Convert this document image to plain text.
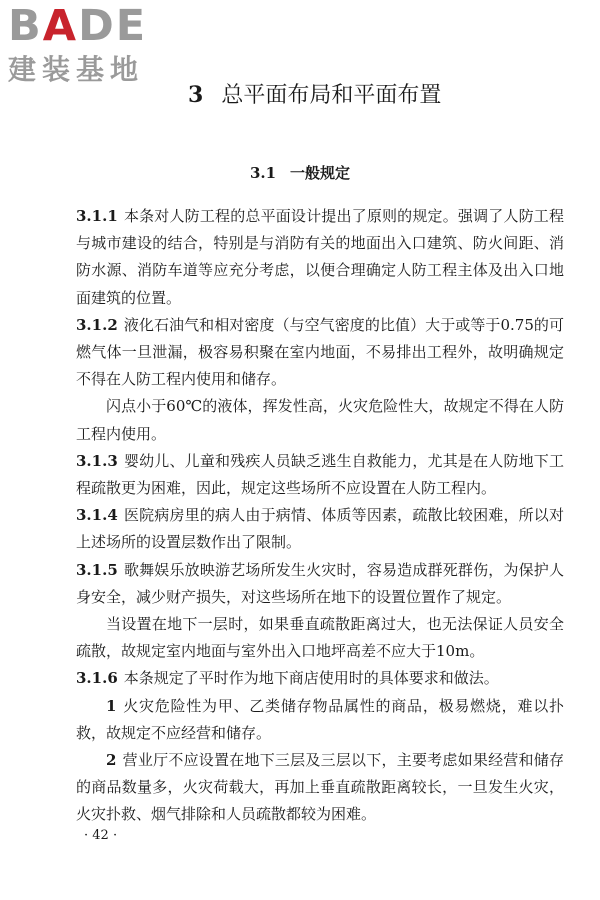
BADE
建装基地
3 总平面布局和平面布置
3.1 一般规定

3.1.1 本条对人防工程的总平面设计提出了原则的规定。强调了人防工程与城市建设的结合，特别是与消防有关的地面出入口建筑、防火间距、消防水源、消防车道等应充分考虑，以便合理确定人防工程主体及出入口地面建筑的位置。

3.1.2 液化石油气和相对密度（与空气密度的比值）大于或等于0.75的可燃气体一旦泄漏，极容易积聚在室内地面，不易排出工程外，故明确规定不得在人防工程内使用和储存。

闪点小于60℃的液体，挥发性高，火灾危险性大，故规定不得在人防工程内使用。

3.1.3 婴幼儿、儿童和残疾人员缺乏逃生自救能力，尤其是在人防地下工程疏散更为困难，因此，规定这些场所不应设置在人防工程内。

3.1.4 医院病房里的病人由于病情、体质等因素，疏散比较困难，所以对上述场所的设置层数作出了限制。

3.1.5 歌舞娱乐放映游艺场所发生火灾时，容易造成群死群伤，为保护人身安全，减少财产损失，对这些场所在地下的设置位置作了规定。

当设置在地下一层时，如果垂直疏散距离过大，也无法保证人员安全疏散，故规定室内地面与室外出入口地坪高差不应大于10m。

3.1.6 本条规定了平时作为地下商店使用时的具体要求和做法。

1 火灾危险性为甲、乙类储存物品属性的商品，极易燃烧，难以扑救，故规定不应经营和储存。

2 营业厅不应设置在地下三层及三层以下，主要考虑如果经营和储存的商品数量多，火灾荷载大，再加上垂直疏散距离较长，一旦发生火灾，火灾扑救、烟气排除和人员疏散都较为困难。

· 42 ·
